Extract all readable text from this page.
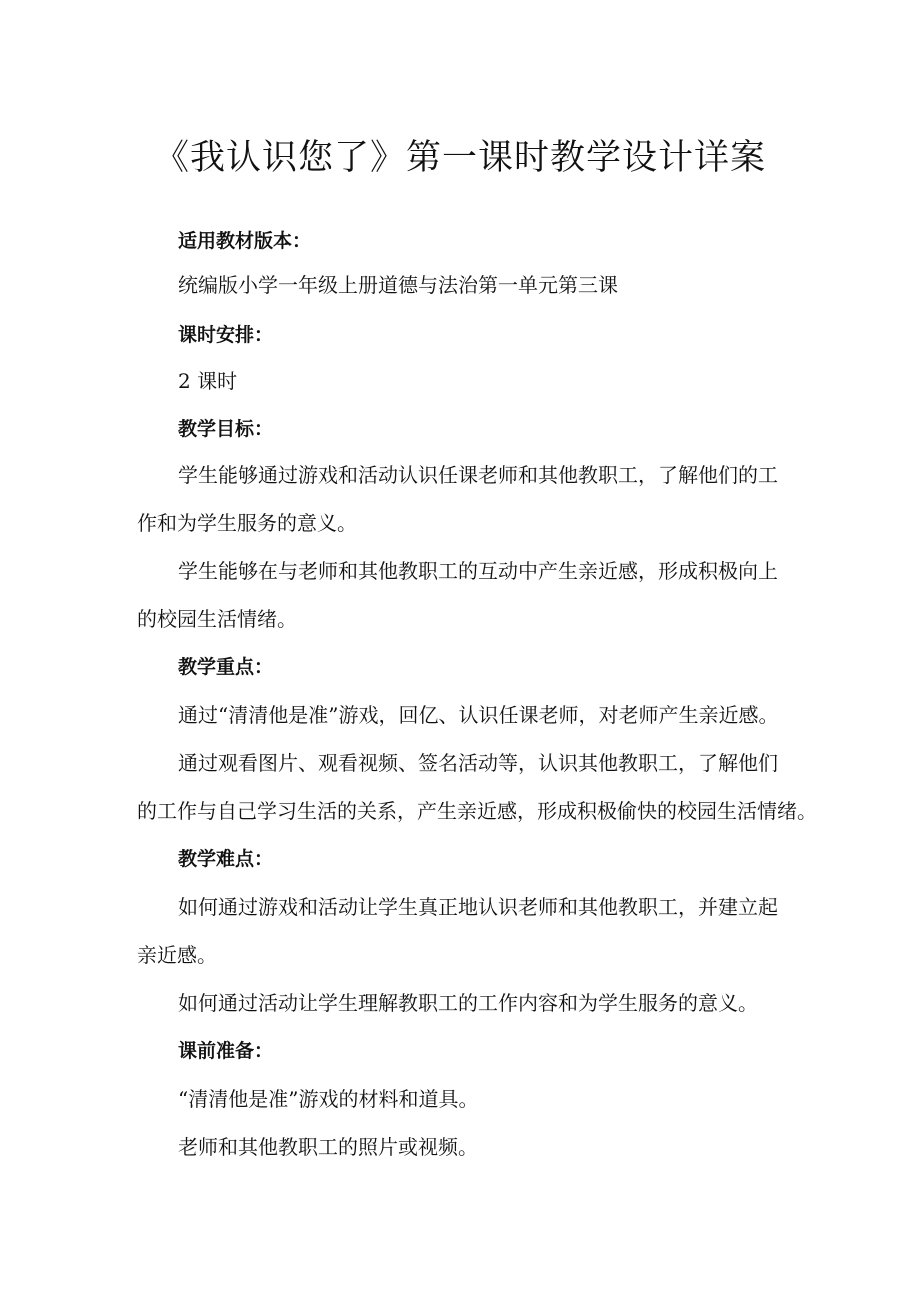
《我认识您了》第一课时教学设计详案

适用教材版本：

统编版小学一年级上册道德与法治第一单元第三课

课时安排：

2 课时

教学目标：

学生能够通过游戏和活动认识任课老师和其他教职工，了解他们的工

作和为学生服务的意义。

学生能够在与老师和其他教职工的互动中产生亲近感，形成积极向上

的校园生活情绪。

教学重点：

通过“清清他是准”游戏，回亿、认识任课老师，对老师产生亲近感。

通过观看图片、观看视频、签名活动等，认识其他教职工，了解他们

的工作与自己学习生活的关系，产生亲近感，形成积极偷快的校园生活情绪。

教学难点：

如何通过游戏和活动让学生真正地认识老师和其他教职工，并建立起

亲近感。

如何通过活动让学生理解教职工的工作内容和为学生服务的意义。

课前准备：

“清清他是准”游戏的材料和道具。

老师和其他教职工的照片或视频。
